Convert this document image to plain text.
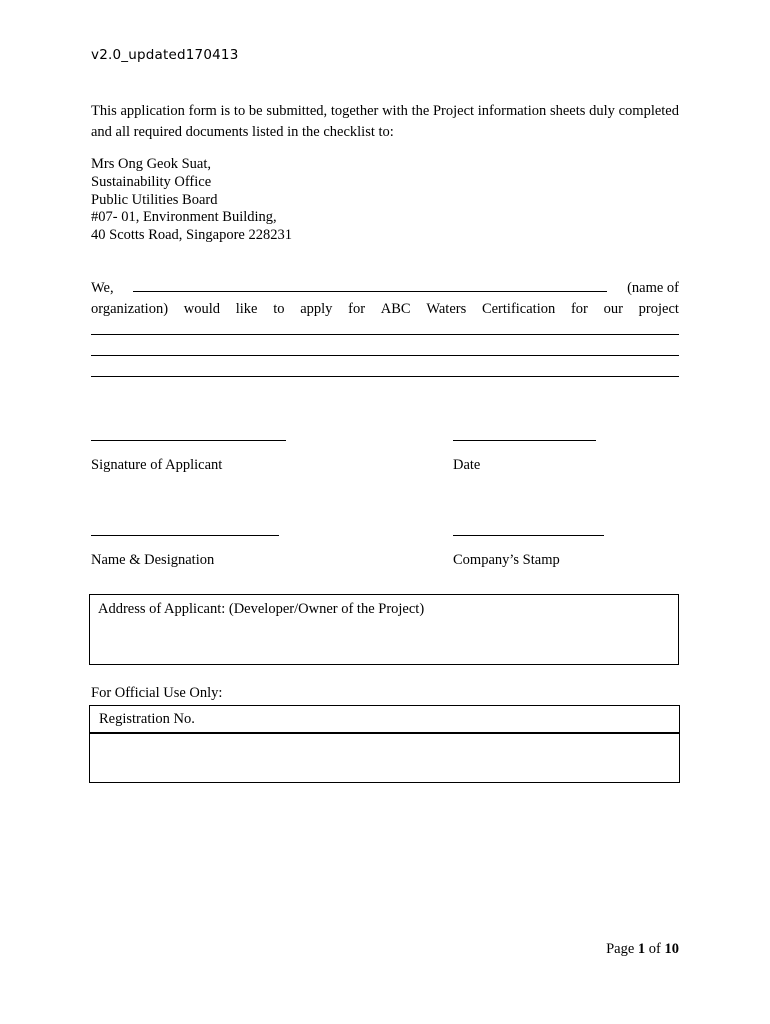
v2.0_updated170413
This application form is to be submitted, together with the Project information sheets duly completed and all required documents listed in the checklist to:
Mrs Ong Geok Suat,
Sustainability Office
Public Utilities Board
#07- 01, Environment Building,
40 Scotts Road, Singapore 228231
We,	(name of
organization) would like to apply for ABC Waters Certification for our project
Signature of Applicant	Date
Name & Designation	Company’s Stamp
Address of Applicant: (Developer/Owner of the Project)
For Official Use Only:
Registration No.
Page 1 of 10
